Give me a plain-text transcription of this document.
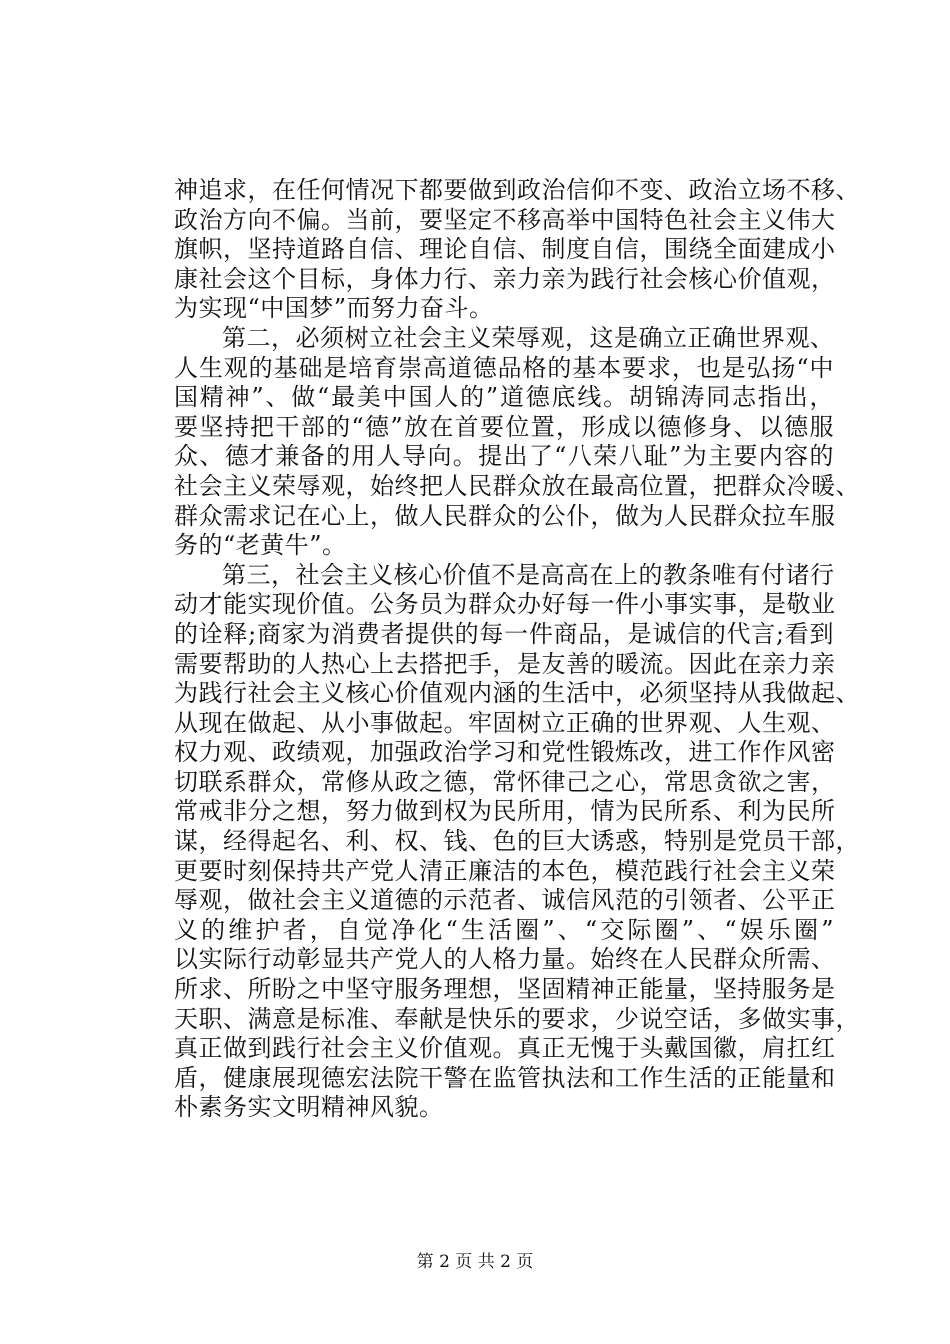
神追求，在任何情况下都要做到政治信仰不变、政治立场不移、
政治方向不偏。当前，要坚定不移高举中国特色社会主义伟大
旗帜，坚持道路自信、理论自信、制度自信，围绕全面建成小
康社会这个目标，身体力行、亲力亲为践行社会核心价值观，
为实现“中国梦”而努力奋斗。
第二，必须树立社会主义荣辱观，这是确立正确世界观、
人生观的基础是培育崇高道德品格的基本要求，也是弘扬“中
国精神”、做“最美中国人的”道德底线。胡锦涛同志指出，
要坚持把干部的“德”放在首要位置，形成以德修身、以德服
众、德才兼备的用人导向。提出了“八荣八耻”为主要内容的
社会主义荣辱观，始终把人民群众放在最高位置，把群众冷暖、
群众需求记在心上，做人民群众的公仆，做为人民群众拉车服
务的“老黄牛”。
第三，社会主义核心价值不是高高在上的教条唯有付诸行
动才能实现价值。公务员为群众办好每一件小事实事，是敬业
的诠释;商家为消费者提供的每一件商品，是诚信的代言;看到
需要帮助的人热心上去搭把手，是友善的暖流。因此在亲力亲
为践行社会主义核心价值观内涵的生活中，必须坚持从我做起、
从现在做起、从小事做起。牢固树立正确的世界观、人生观、
权力观、政绩观，加强政治学习和党性锻炼改，进工作作风密
切联系群众，常修从政之德，常怀律己之心，常思贪欲之害，
常戒非分之想，努力做到权为民所用，情为民所系、利为民所
谋，经得起名、利、权、钱、色的巨大诱惑，特别是党员干部，
更要时刻保持共产党人清正廉洁的本色，模范践行社会主义荣
辱观，做社会主义道德的示范者、诚信风范的引领者、公平正
义的维护者，自觉净化“生活圈”、“交际圈”、“娱乐圈”
以实际行动彰显共产党人的人格力量。始终在人民群众所需、
所求、所盼之中坚守服务理想，坚固精神正能量，坚持服务是
天职、满意是标准、奉献是快乐的要求，少说空话，多做实事，
真正做到践行社会主义价值观。真正无愧于头戴国徽，肩扛红
盾，健康展现德宏法院干警在监管执法和工作生活的正能量和
朴素务实文明精神风貌。
第 2 页 共 2 页
